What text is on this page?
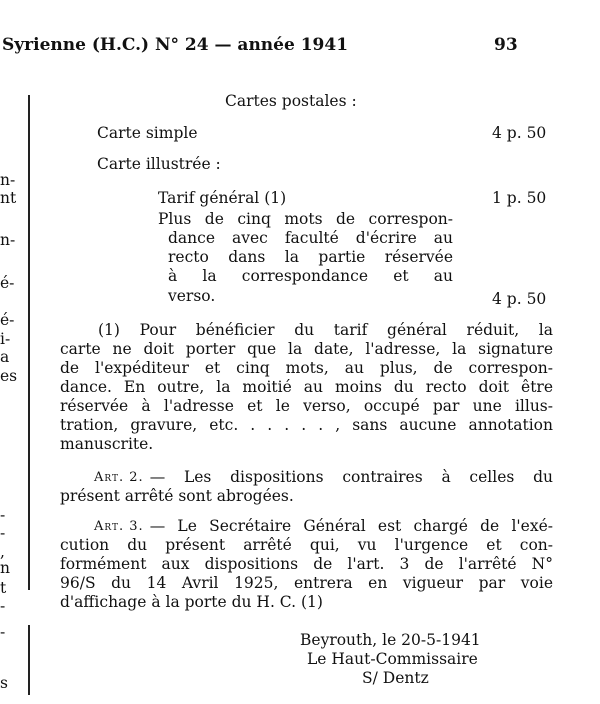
Syrienne (H.C.) N° 24 — année 1941	93
n-
nt
n-
é-
é-
i-
a
es
-
-
,
n
t
-
-
s
Cartes postales :
Carte simple	4 p. 50
Carte illustrée :
Tarif général (1)	1 p. 50
Plus de cinq mots de correspon-
dance avec faculté d'écrire au
recto dans la partie réservée
à la correspondance et au
verso.	4 p. 50
(1) Pour bénéficier du tarif général réduit, la
carte ne doit porter que la date, l'adresse, la signature
de l'expéditeur et cinq mots, au plus, de correspon-
dance. En outre, la moitié au moins du recto doit être
réservée à l'adresse et le verso, occupé par une illus-
tration, gravure, etc. . . . . . , sans aucune annotation
manuscrite.
Art. 2. — Les dispositions contraires à celles du
présent arrêté sont abrogées.
Art. 3. — Le Secrétaire Général est chargé de l'exé-
cution du présent arrêté qui, vu l'urgence et con-
formément aux dispositions de l'art. 3 de l'arrêté N°
96/S du 14 Avril 1925, entrera en vigueur par voie
d'affichage à la porte du H. C. (1)
Beyrouth, le 20-5-1941
Le Haut-Commissaire
S/ Dentz
